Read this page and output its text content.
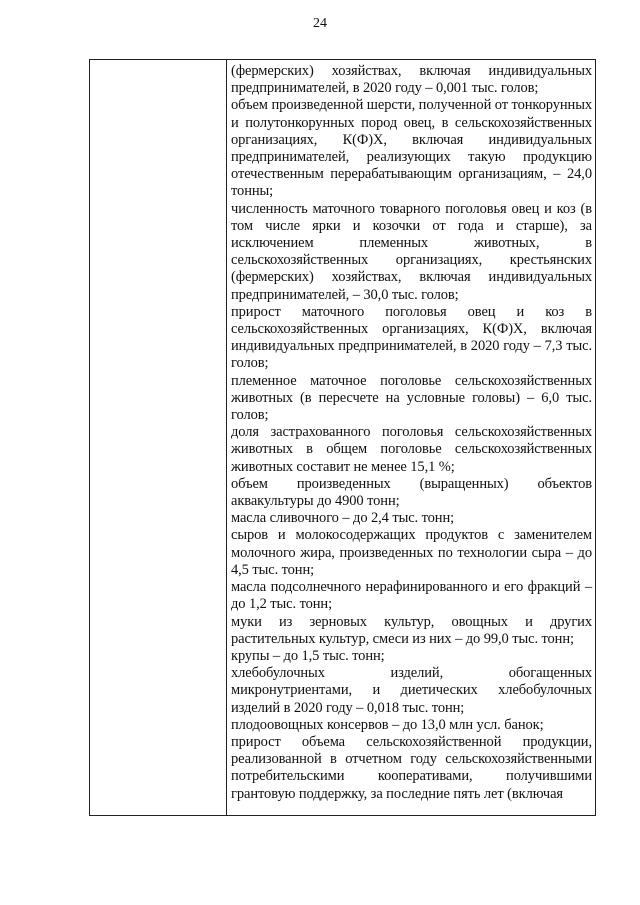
24

(фермерских) хозяйствах, включая индивидуальных предпринимателей, в 2020 году – 0,001 тыс. голов;

объем произведенной шерсти, полученной от тонкорунных и полутонкорунных пород овец, в сельскохозяйственных организациях, К(Ф)Х, включая индивидуальных предпринимателей, реализующих такую продукцию отечественным перерабатывающим организациям, – 24,0 тонны;

численность маточного товарного поголовья овец и коз (в том числе ярки и козочки от года и старше), за исключением племенных животных, в сельскохозяйственных организациях, крестьянских (фермерских) хозяйствах, включая индивидуальных предпринимателей, – 30,0 тыс. голов;

прирост маточного поголовья овец и коз в сельскохозяйственных организациях, К(Ф)Х, включая индивидуальных предпринимателей, в 2020 году – 7,3 тыс. голов;

племенное маточное поголовье сельскохозяйственных животных (в пересчете на условные головы) – 6,0 тыс. голов;

доля застрахованного поголовья сельскохозяйственных животных в общем поголовье сельскохозяйственных животных составит не менее 15,1 %;

объем произведенных (выращенных) объектов аквакультуры до 4900 тонн;

масла сливочного – до 2,4 тыс. тонн;

сыров и молокосодержащих продуктов с заменителем молочного жира, произведенных по технологии сыра – до 4,5 тыс. тонн;

масла подсолнечного нерафинированного и его фракций – до 1,2 тыс. тонн;

муки из зерновых культур, овощных и других растительных культур, смеси из них – до 99,0 тыс. тонн;

крупы – до 1,5 тыс. тонн;

хлебобулочных изделий, обогащенных микронутриентами, и диетических хлебобулочных изделий в 2020 году – 0,018 тыс. тонн;

плодоовощных консервов – до 13,0 млн усл. банок;

прирост объема сельскохозяйственной продукции, реализованной в отчетном году сельскохозяйственными потребительскими кооперативами, получившими грантовую поддержку, за последние пять лет (включая
